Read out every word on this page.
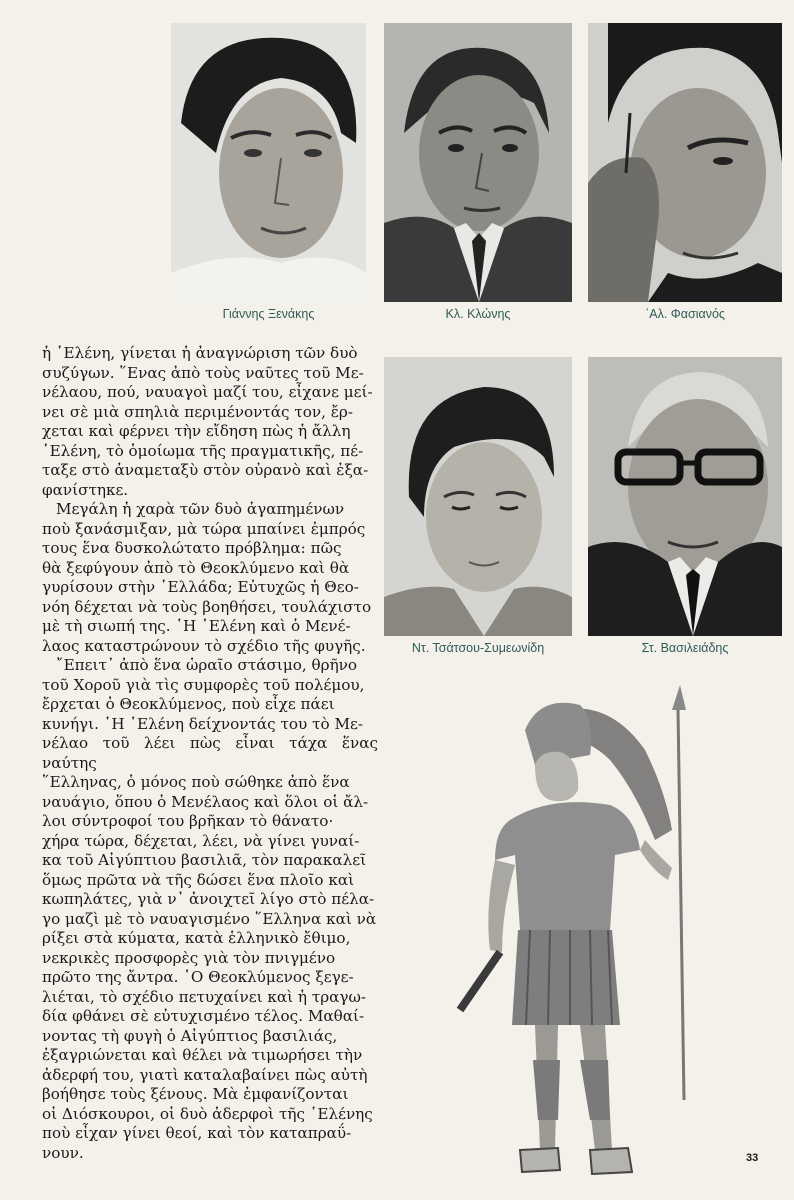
Γιάννης Ξενάκης	Κλ. Κλώνης	᾿Αλ. Φασιανός
Ντ. Τσάτσου-Συμεωνίδη	Στ. Βασιλειάδης

ἡ ῾Ελένη, γίνεται ἡ ἀναγνώριση τῶν δυὸ
συζύγων. ῞Ενας ἀπὸ τοὺς ναῦτες τοῦ Με-
νέλαου, πού, ναυαγοὶ μαζί του, εἶχανε μεί-
νει σὲ μιὰ σπηλιὰ περιμένοντάς τον, ἔρ-
χεται καὶ φέρνει τὴν εἴδηση πὼς ἡ ἄλλη
῾Ελένη, τὸ ὁμοίωμα τῆς πραγματικῆς, πέ-
ταξε στὸ ἀναμεταξὺ στὸν οὐρανὸ καὶ ἐξα-
φανίστηκε.

Μεγάλη ἡ χαρὰ τῶν δυὸ ἀγαπημένων
ποὺ ξανάσμιξαν, μὰ τώρα μπαίνει ἐμπρός
τους ἕνα δυσκολώτατο πρόβλημα: πῶς
θὰ ξεφύγουν ἀπὸ τὸ Θεοκλύμενο καὶ θὰ
γυρίσουν στὴν ῾Ελλάδα; Εὐτυχῶς ἡ Θεο-
νόη δέχεται νὰ τοὺς βοηθήσει, τουλάχιστο
μὲ τὴ σιωπή της. ῾Η ῾Ελένη καὶ ὁ Μενέ-
λαος καταστρώνουν τὸ σχέδιο τῆς φυγῆς.

῎Επειτ᾿ ἀπὸ ἕνα ὡραῖο στάσιμο, θρῆνο
τοῦ Χοροῦ γιὰ τὶς συμφορὲς τοῦ πολέμου,
ἔρχεται ὁ Θεοκλύμενος, ποὺ εἶχε πάει
κυνήγι. ῾Η ῾Ελένη δείχνοντάς του τὸ Με-
νέλαο τοῦ λέει πὼς εἶναι τάχα ἕνας ναύτης
῞Ελληνας, ὁ μόνος ποὺ σώθηκε ἀπὸ ἕνα
ναυάγιο, ὅπου ὁ Μενέλαος καὶ ὅλοι οἱ ἄλ-
λοι σύντροφοί του βρῆκαν τὸ θάνατο·
χήρα τώρα, δέχεται, λέει, νὰ γίνει γυναί-
κα τοῦ Αἰγύπτιου βασιλιᾶ, τὸν παρακαλεῖ
ὅμως πρῶτα νὰ τῆς δώσει ἕνα πλοῖο καὶ
κωπηλάτες, γιὰ ν᾿ ἀνοιχτεῖ λίγο στὸ πέλα-
γο μαζὶ μὲ τὸ ναυαγισμένο ῞Ελληνα καὶ νὰ
ρίξει στὰ κύματα, κατὰ ἑλληνικὸ ἔθιμο,
νεκρικὲς προσφορὲς γιὰ τὸν πνιγμένο
πρῶτο της ἄντρα. ῾Ο Θεοκλύμενος ξεγε-
λιέται, τὸ σχέδιο πετυχαίνει καὶ ἡ τραγω-
δία φθάνει σὲ εὐτυχισμένο τέλος. Μαθαί-
νοντας τὴ φυγὴ ὁ Αἰγύπτιος βασιλιάς,
ἐξαγριώνεται καὶ θέλει νὰ τιμωρήσει τὴν
ἀδερφή του, γιατὶ καταλαβαίνει πὼς αὐτὴ
βοήθησε τοὺς ξένους. Μὰ ἐμφανίζονται
οἱ Διόσκουροι, οἱ δυὸ ἀδερφοὶ τῆς ῾Ελένης
ποὺ εἶχαν γίνει θεοί, καὶ τὸν καταπραΰ-
νουν.	33
